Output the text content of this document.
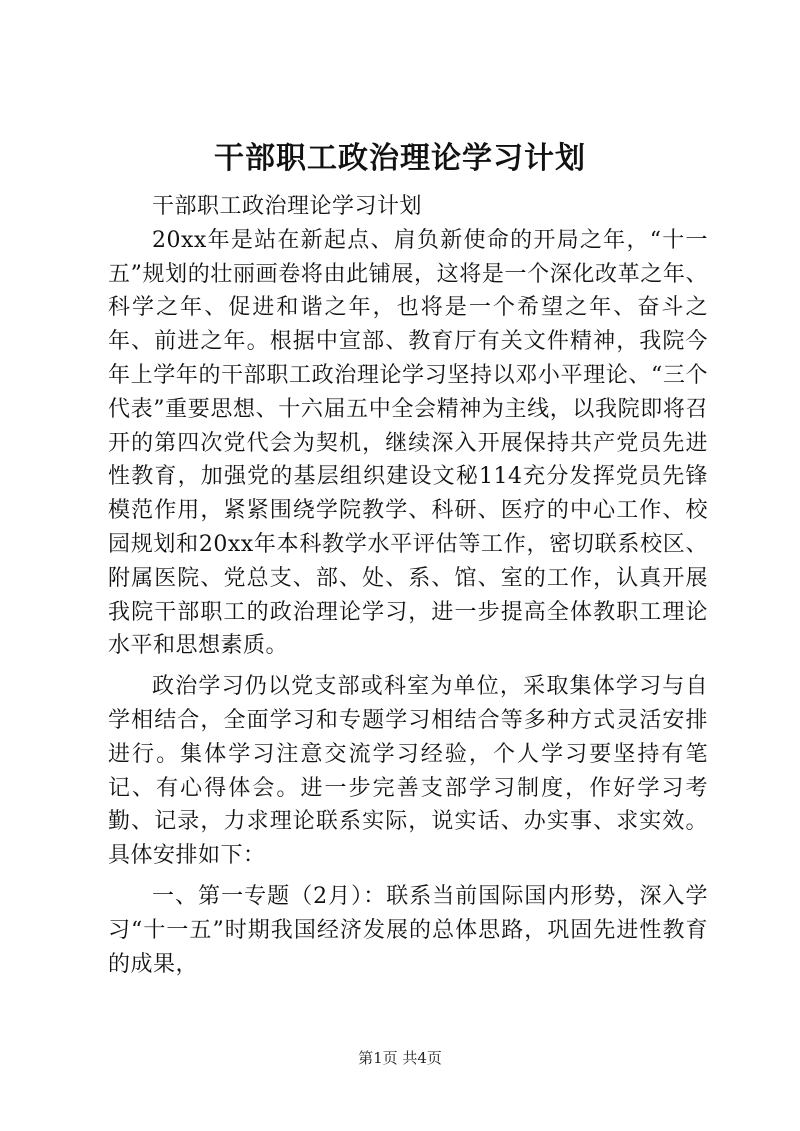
干部职工政治理论学习计划

干部职工政治理论学习计划

20xx年是站在新起点、肩负新使命的开局之年，“十一五”规划的壮丽画卷将由此铺展，这将是一个深化改革之年、科学之年、促进和谐之年，也将是一个希望之年、奋斗之年、前进之年。根据中宣部、教育厅有关文件精神，我院今年上学年的干部职工政治理论学习坚持以邓小平理论、“三个代表”重要思想、十六届五中全会精神为主线，以我院即将召开的第四次党代会为契机，继续深入开展保持共产党员先进性教育，加强党的基层组织建设文秘114充分发挥党员先锋模范作用，紧紧围绕学院教学、科研、医疗的中心工作、校园规划和20xx年本科教学水平评估等工作，密切联系校区、附属医院、党总支、部、处、系、馆、室的工作，认真开展我院干部职工的政治理论学习，进一步提高全体教职工理论水平和思想素质。

政治学习仍以党支部或科室为单位，采取集体学习与自学相结合，全面学习和专题学习相结合等多种方式灵活安排进行。集体学习注意交流学习经验，个人学习要坚持有笔记、有心得体会。进一步完善支部学习制度，作好学习考勤、记录，力求理论联系实际，说实话、办实事、求实效。具体安排如下：

一、第一专题（2月）：联系当前国际国内形势，深入学习“十一五”时期我国经济发展的总体思路，巩固先进性教育的成果，

第1页 共4页
